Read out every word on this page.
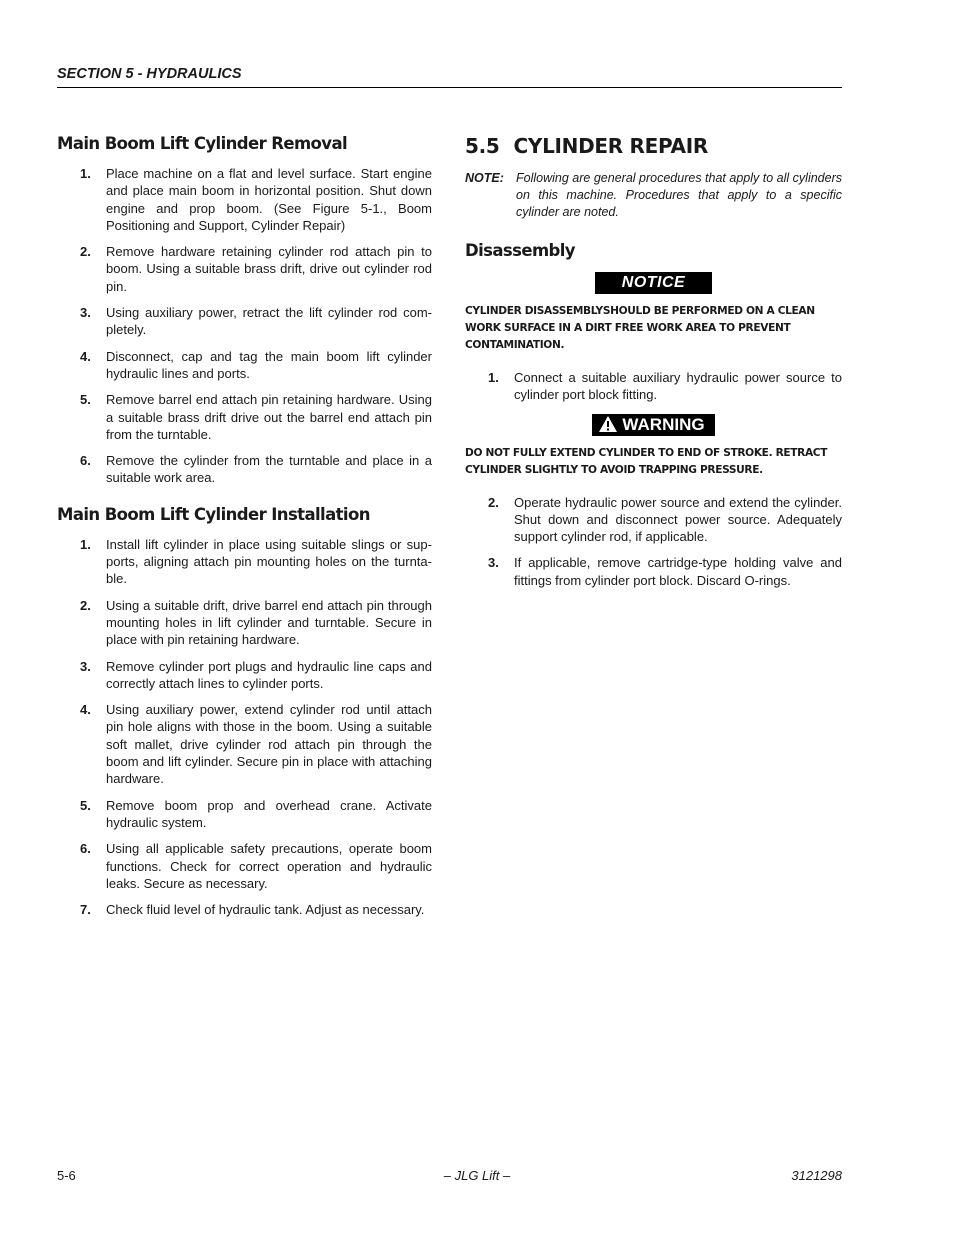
SECTION 5 - HYDRAULICS
Main Boom Lift Cylinder Removal
1. Place machine on a flat and level surface. Start engine and place main boom in horizontal position. Shut down engine and prop boom. (See Figure 5-1., Boom Positioning and Support, Cylinder Repair)
2. Remove hardware retaining cylinder rod attach pin to boom. Using a suitable brass drift, drive out cylinder rod pin.
3. Using auxiliary power, retract the lift cylinder rod completely.
4. Disconnect, cap and tag the main boom lift cylinder hydraulic lines and ports.
5. Remove barrel end attach pin retaining hardware. Using a suitable brass drift drive out the barrel end attach pin from the turntable.
6. Remove the cylinder from the turntable and place in a suitable work area.
Main Boom Lift Cylinder Installation
1. Install lift cylinder in place using suitable slings or supports, aligning attach pin mounting holes on the turntable.
2. Using a suitable drift, drive barrel end attach pin through mounting holes in lift cylinder and turntable. Secure in place with pin retaining hardware.
3. Remove cylinder port plugs and hydraulic line caps and correctly attach lines to cylinder ports.
4. Using auxiliary power, extend cylinder rod until attach pin hole aligns with those in the boom. Using a suitable soft mallet, drive cylinder rod attach pin through the boom and lift cylinder. Secure pin in place with attaching hardware.
5. Remove boom prop and overhead crane. Activate hydraulic system.
6. Using all applicable safety precautions, operate boom functions. Check for correct operation and hydraulic leaks. Secure as necessary.
7. Check fluid level of hydraulic tank. Adjust as necessary.
5.5 CYLINDER REPAIR
NOTE: Following are general procedures that apply to all cylinders on this machine. Procedures that apply to a specific cylinder are noted.
Disassembly
NOTICE
CYLINDER DISASSEMBLYSHOULD BE PERFORMED ON A CLEAN WORK SURFACE IN A DIRT FREE WORK AREA TO PREVENT CONTAMINATION.
1. Connect a suitable auxiliary hydraulic power source to cylinder port block fitting.
WARNING
DO NOT FULLY EXTEND CYLINDER TO END OF STROKE. RETRACT CYLINDER SLIGHTLY TO AVOID TRAPPING PRESSURE.
2. Operate hydraulic power source and extend the cylinder. Shut down and disconnect power source. Adequately support cylinder rod, if applicable.
3. If applicable, remove cartridge-type holding valve and fittings from cylinder port block. Discard O-rings.
5-6	– JLG Lift –	3121298
